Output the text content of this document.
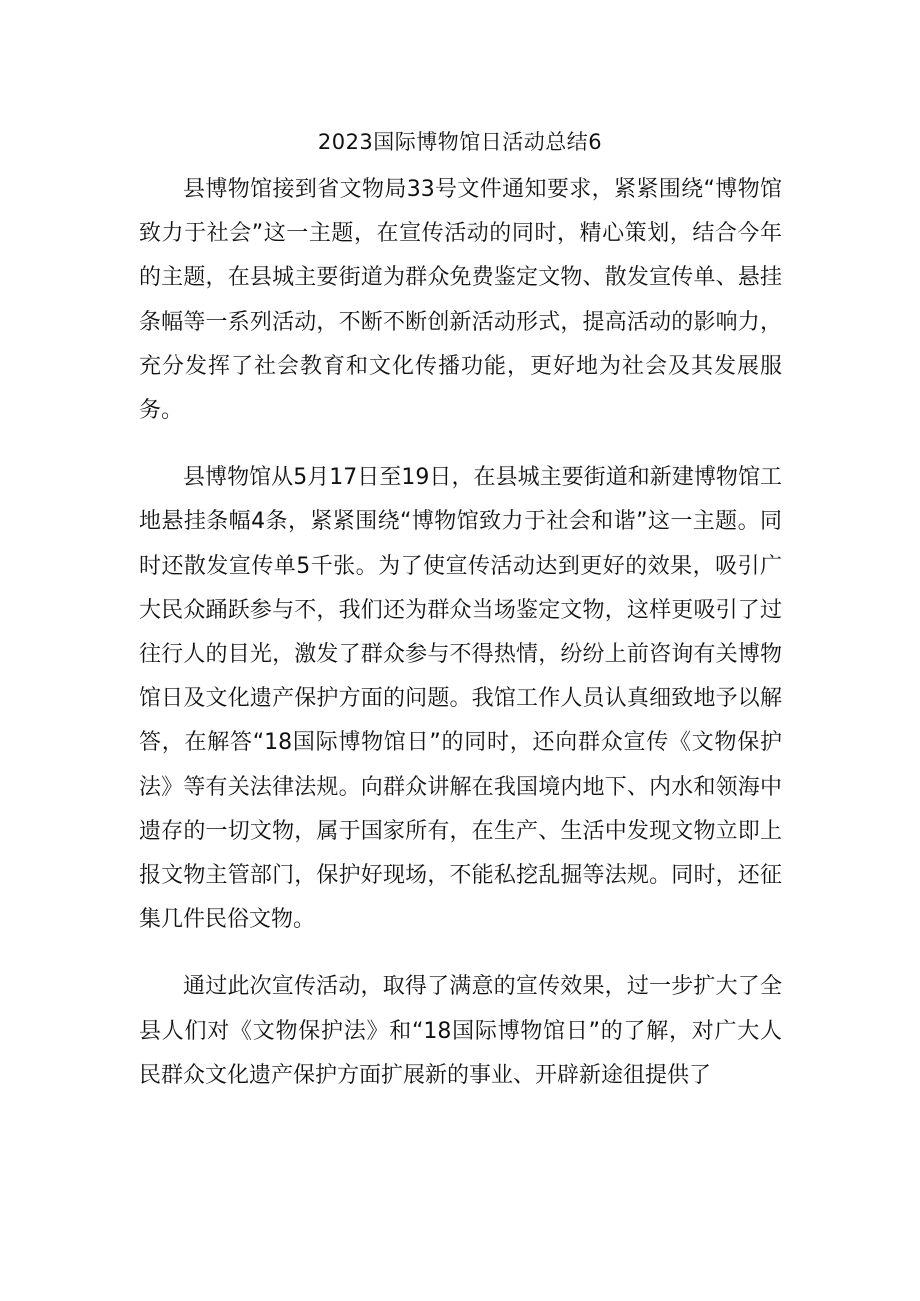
2023国际博物馆日活动总结6

县博物馆接到省文物局33号文件通知要求，紧紧围绕“博物馆致力于社会”这一主题，在宣传活动的同时，精心策划，结合今年的主题，在县城主要街道为群众免费鉴定文物、散发宣传单、悬挂条幅等一系列活动，不断不断创新活动形式，提高活动的影响力，充分发挥了社会教育和文化传播功能，更好地为社会及其发展服务。

县博物馆从5月17日至19日，在县城主要街道和新建博物馆工地悬挂条幅4条，紧紧围绕“博物馆致力于社会和谐”这一主题。同时还散发宣传单5千张。为了使宣传活动达到更好的效果，吸引广大民众踊跃参与不，我们还为群众当场鉴定文物，这样更吸引了过往行人的目光，激发了群众参与不得热情，纷纷上前咨询有关博物馆日及文化遗产保护方面的问题。我馆工作人员认真细致地予以解答，在解答“18国际博物馆日”的同时，还向群众宣传《文物保护法》等有关法律法规。向群众讲解在我国境内地下、内水和领海中遗存的一切文物，属于国家所有，在生产、生活中发现文物立即上报文物主管部门，保护好现场，不能私挖乱掘等法规。同时，还征集几件民俗文物。

通过此次宣传活动，取得了满意的宣传效果，过一步扩大了全县人们对《文物保护法》和“18国际博物馆日”的了解，对广大人民群众文化遗产保护方面扩展新的事业、开辟新途徂提供了
